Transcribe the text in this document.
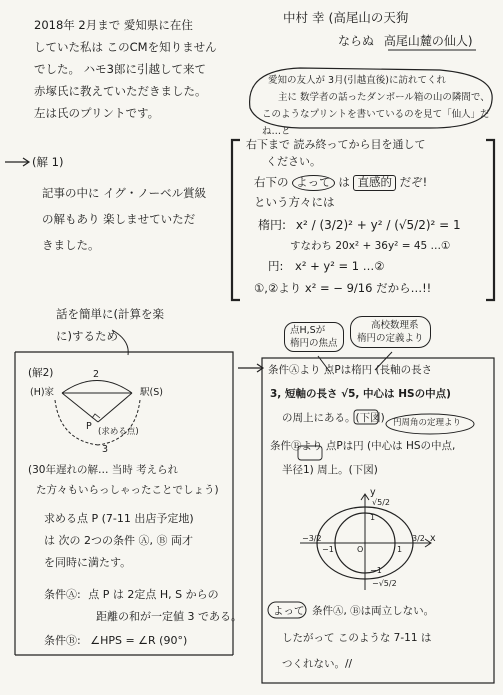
2018年 2月まで 愛知県に在住
していた私は このCMを知りません
でした。 ハモ3郎に引越して来て
赤塚氏に教えていただきました。
左は氏のプリントです。
中村 幸 (高尾山の天狗
ならぬ 高尾山麓の仙人)
愛知の友人が 3月(引越直後)に訪れてくれ
主に 数学者の話ったダンボール箱の山の隣間で、
このようなプリントを書いているのを見て「仙人」だね…と
(解 1)
記事の中に イグ・ノーベル賞級
の解もあり 楽しませていただ
きました。
右下まで 読み終ってから目を通して
ください。
右下の よって は 直感的 だぞ!
という方々には
楕円: x² / (3/2)² + y² / (√5/2)² = 1
すなわち 20x² + 36y² = 45 …①
円: x² + y² = 1 …②
①,②より x² = − 9/16 だから…!!
話を簡単に(計算を楽
に)するため	点H,Sが
楕円の焦点
高校数理系
楕円の定義より
(解2)	2
(H)家	駅(S)
P (求める点)
3
(30年遅れの解… 当時 考えられ
た方々もいらっしゃったことでしょう)
求める点 P (7-11 出店予定地)
は 次の 2つの条件 Ⓐ, Ⓑ 両才
を同時に満たす。
条件Ⓐ: 点 P は 2定点 H, S からの
距離の和が一定値 3 である。
条件Ⓑ: ∠HPS = ∠R (90°)
条件Ⓐより 点Pは楕円 (長軸の長さ
3, 短軸の長さ √5, 中心は HSの中点)
の周上にある。(下図) 円周角の定理より
条件Ⓑより 点Pは円 (中心は HSの中点,
半径1) 周上。(下図)
x
y
√5/2
1
−1
−√5/2
−3/2
−1	O	1
3/2
よって 条件Ⓐ, Ⓑは両立しない。
したがって このような 7-11 は
つくれない。//
